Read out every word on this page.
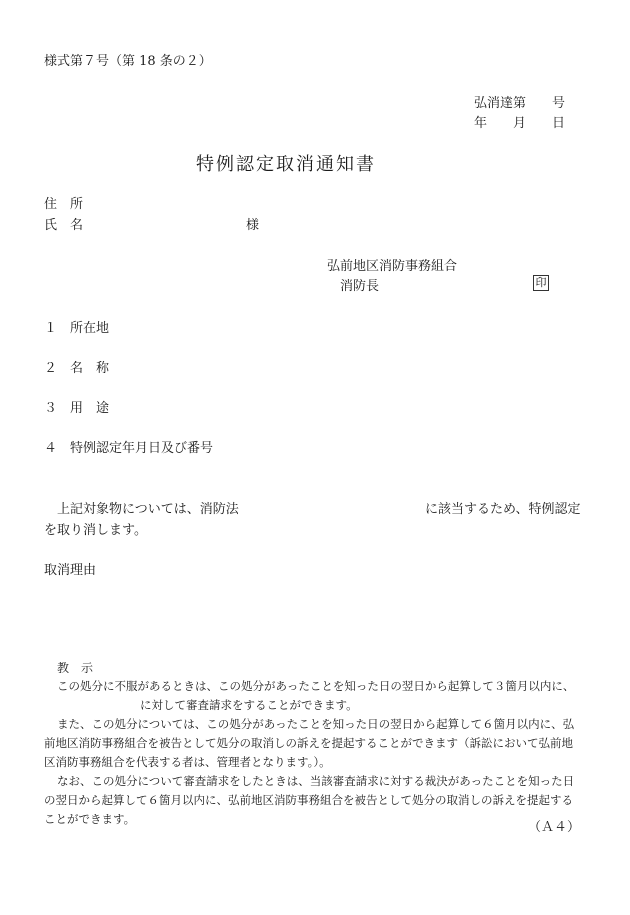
様式第７号（第 18 条の２）
弘消達第　　号
年　　月　　日
特例認定取消通知書
住　所
氏　名	様
弘前地区消防事務組合
消防長	印
１　所在地
２　名　称
３　用　途
４　特例認定年月日及び番号
上記対象物については、消防法	に該当するため、特例認定
を取り消します。
取消理由
教　示
この処分に不服があるときは、この処分があったことを知った日の翌日から起算して３箇月以内に、
に対して審査請求をすることができます。
また、この処分については、この処分があったことを知った日の翌日から起算して６箇月以内に、弘
前地区消防事務組合を被告として処分の取消しの訴えを提起することができます（訴訟において弘前地
区消防事務組合を代表する者は、管理者となります。）。
なお、この処分について審査請求をしたときは、当該審査請求に対する裁決があったことを知った日
の翌日から起算して６箇月以内に、弘前地区消防事務組合を被告として処分の取消しの訴えを提起する
ことができます。
（Ａ４）
